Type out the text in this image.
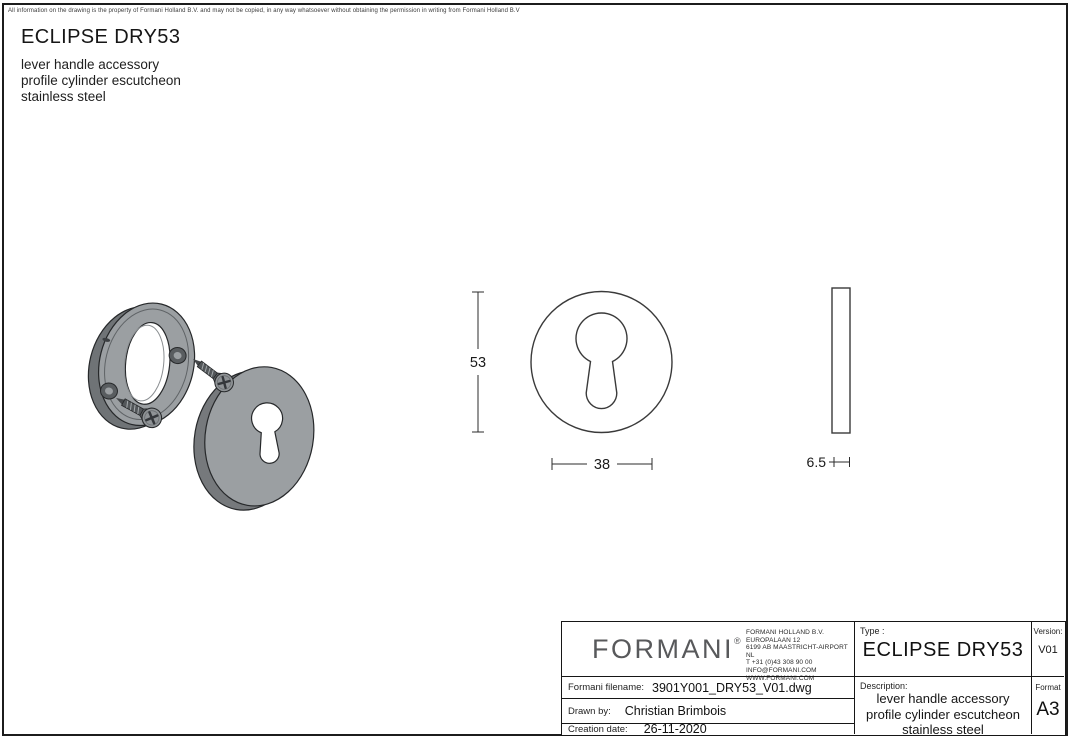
All information on the drawing is the property of Formani Holland B.V. and may not be copied, in any way whatsoever without obtaining the permission in writing from Formani Holland B.V
ECLIPSE DRY53
lever handle accessory
profile cylinder escutcheon
stainless steel
53
38	6.5
FORMANI®
FORMANI HOLLAND B.V.
EUROPALAAN 12
6199 AB MAASTRICHT-AIRPORT NL
T +31 (0)43 308 90 00
INFO@FORMANI.COM
WWW.FORMANI.COM
Type :
ECLIPSE DRY53
Version:
V01
Formani filename: 3901Y001_DRY53_V01.dwg
Drawn by: Christian Brimbois
Creation date: 26-11-2020
Description:
lever handle accessory
profile cylinder escutcheon
stainless steel
Format
A3
